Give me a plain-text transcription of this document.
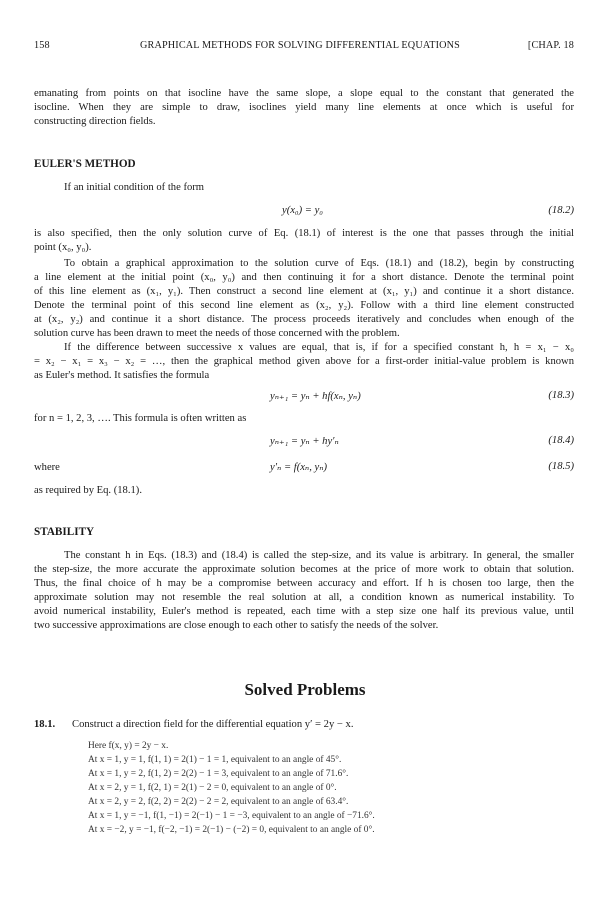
158	GRAPHICAL METHODS FOR SOLVING DIFFERENTIAL EQUATIONS	[CHAP. 18
emanating from points on that isocline have the same slope, a slope equal to the constant that generated the
isocline. When they are simple to draw, isoclines yield many line elements at once which is useful for
constructing direction fields.
EULER'S METHOD
If an initial condition of the form
y(x₀) = y₀	(18.2)
is also specified, then the only solution curve of Eq. (18.1) of interest is the one that passes through the initial
point (x₀, y₀).
To obtain a graphical approximation to the solution curve of Eqs. (18.1) and (18.2), begin by constructing
a line element at the initial point (x₀, y₀) and then continuing it for a short distance. Denote the terminal point
of this line element as (x₁, y₁). Then construct a second line element at (x₁, y₁) and continue it a short distance.
Denote the terminal point of this second line element as (x₂, y₂). Follow with a third line element constructed
at (x₂, y₂) and continue it a short distance. The process proceeds iteratively and concludes when enough of the
solution curve has been drawn to meet the needs of those concerned with the problem.
If the difference between successive x values are equal, that is, if for a specified constant h, h = x₁ − x₀
= x₂ − x₁ = x₃ − x₂ = …, then the graphical method given above for a first-order initial-value problem is known
as Euler's method. It satisfies the formula
yₙ₊₁ = yₙ + hf(xₙ, yₙ)	(18.3)
for n = 1, 2, 3, …. This formula is often written as
yₙ₊₁ = yₙ + hy′ₙ	(18.4)
where	y′ₙ = f(xₙ, yₙ)	(18.5)
as required by Eq. (18.1).
STABILITY
The constant h in Eqs. (18.3) and (18.4) is called the step-size, and its value is arbitrary. In general, the smaller
the step-size, the more accurate the approximate solution becomes at the price of more work to obtain that solution.
Thus, the final choice of h may be a compromise between accuracy and effort. If h is chosen too large, then the
approximate solution may not resemble the real solution at all, a condition known as numerical instability. To
avoid numerical instability, Euler's method is repeated, each time with a step size one half its previous value, until
two successive approximations are close enough to each other to satisfy the needs of the solver.
Solved Problems
18.1. Construct a direction field for the differential equation y′ = 2y − x.
Here f(x, y) = 2y − x.
At x = 1, y = 1, f(1, 1) = 2(1) − 1 = 1, equivalent to an angle of 45°.
At x = 1, y = 2, f(1, 2) = 2(2) − 1 = 3, equivalent to an angle of 71.6°.
At x = 2, y = 1, f(2, 1) = 2(1) − 2 = 0, equivalent to an angle of 0°.
At x = 2, y = 2, f(2, 2) = 2(2) − 2 = 2, equivalent to an angle of 63.4°.
At x = 1, y = −1, f(1, −1) = 2(−1) − 1 = −3, equivalent to an angle of −71.6°.
At x = −2, y = −1, f(−2, −1) = 2(−1) − (−2) = 0, equivalent to an angle of 0°.
